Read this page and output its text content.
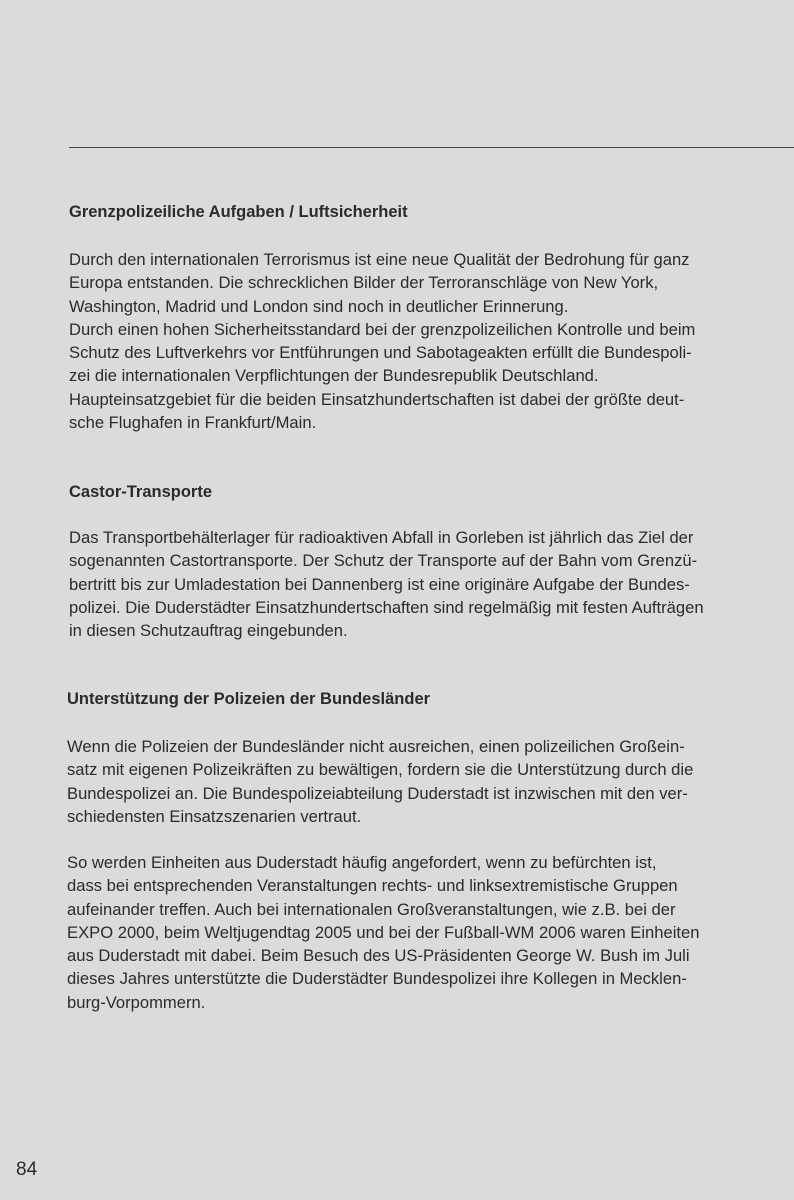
Grenzpolizeiliche Aufgaben / Luftsicherheit

Durch den internationalen Terrorismus ist eine neue Qualität der Bedrohung für ganz
Europa entstanden. Die schrecklichen Bilder der Terroranschläge von New York,
Washington, Madrid und London sind noch in deutlicher Erinnerung.
Durch einen hohen Sicherheitsstandard bei der grenzpolizeilichen Kontrolle und beim
Schutz des Luftverkehrs vor Entführungen und Sabotageakten erfüllt die Bundespoli-
zei die internationalen Verpflichtungen der Bundesrepublik Deutschland.
Haupteinsatzgebiet für die beiden Einsatzhundertschaften ist dabei der größte deut-
sche Flughafen in Frankfurt/Main.

Castor-Transporte

Das Transportbehälterlager für radioaktiven Abfall in Gorleben ist jährlich das Ziel der
sogenannten Castortransporte. Der Schutz der Transporte auf der Bahn vom Grenzü-
bertritt bis zur Umladestation bei Dannenberg ist eine originäre Aufgabe der Bundes-
polizei. Die Duderstädter Einsatzhundertschaften sind regelmäßig mit festen Aufträgen
in diesen Schutzauftrag eingebunden.

Unterstützung der Polizeien der Bundesländer

Wenn die Polizeien der Bundesländer nicht ausreichen, einen polizeilichen Großein-
satz mit eigenen Polizeikräften zu bewältigen, fordern sie die Unterstützung durch die
Bundespolizei an. Die Bundespolizeiabteilung Duderstadt ist inzwischen mit den ver-
schiedensten Einsatzszenarien vertraut.

So werden Einheiten aus Duderstadt häufig angefordert, wenn zu befürchten ist,
dass bei entsprechenden Veranstaltungen rechts- und linksextremistische Gruppen
aufeinander treffen. Auch bei internationalen Großveranstaltungen, wie z.B. bei der
EXPO 2000, beim Weltjugendtag 2005 und bei der Fußball-WM 2006 waren Einheiten
aus Duderstadt mit dabei. Beim Besuch des US-Präsidenten George W. Bush im Juli
dieses Jahres unterstützte die Duderstädter Bundespolizei ihre Kollegen in Mecklen-
burg-Vorpommern.

84
